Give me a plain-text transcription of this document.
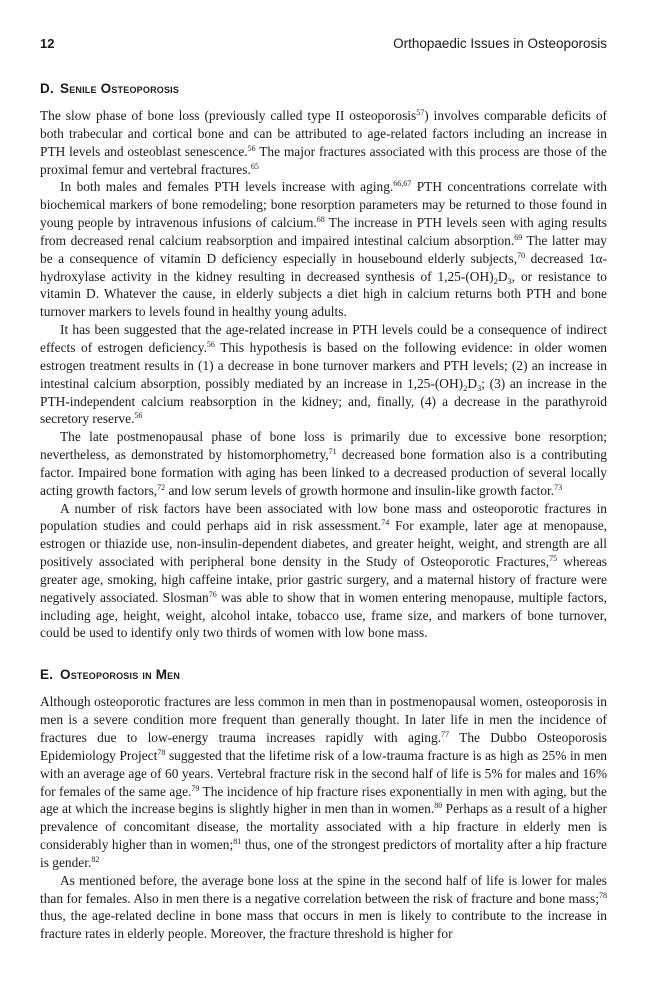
12	Orthopaedic Issues in Osteoporosis
D. Senile Osteoporosis

The slow phase of bone loss (previously called type II osteoporosis$^{57}$) involves comparable deficits of both trabecular and cortical bone and can be attributed to age-related factors including an increase in PTH levels and osteoblast senescence.$^{56}$ The major fractures associated with this process are those of the proximal femur and vertebral fractures.$^{65}$

In both males and females PTH levels increase with aging.$^{66,67}$ PTH concentrations correlate with biochemical markers of bone remodeling; bone resorption parameters may be returned to those found in young people by intravenous infusions of calcium.$^{68}$ The increase in PTH levels seen with aging results from decreased renal calcium reabsorption and impaired intestinal calcium absorption.$^{69}$ The latter may be a consequence of vitamin D deficiency especially in housebound elderly subjects,$^{70}$ decreased 1α-hydroxylase activity in the kidney resulting in decreased synthesis of $1,25-(OH)_2D_3$, or resistance to vitamin D. Whatever the cause, in elderly subjects a diet high in calcium returns both PTH and bone turnover markers to levels found in healthy young adults.

It has been suggested that the age-related increase in PTH levels could be a consequence of indirect effects of estrogen deficiency.$^{56}$ This hypothesis is based on the following evidence: in older women estrogen treatment results in (1) a decrease in bone turnover markers and PTH levels; (2) an increase in intestinal calcium absorption, possibly mediated by an increase in $1,25-(OH)_2D_3$; (3) an increase in the PTH-independent calcium reabsorption in the kidney; and, finally, (4) a decrease in the parathyroid secretory reserve.$^{56}$

The late postmenopausal phase of bone loss is primarily due to excessive bone resorption; nevertheless, as demonstrated by histomorphometry,$^{71}$ decreased bone formation also is a contributing factor. Impaired bone formation with aging has been linked to a decreased production of several locally acting growth factors,$^{72}$ and low serum levels of growth hormone and insulin-like growth factor.$^{73}$

A number of risk factors have been associated with low bone mass and osteoporotic fractures in population studies and could perhaps aid in risk assessment.$^{74}$ For example, later age at menopause, estrogen or thiazide use, non-insulin-dependent diabetes, and greater height, weight, and strength are all positively associated with peripheral bone density in the Study of Osteoporotic Fractures,$^{75}$ whereas greater age, smoking, high caffeine intake, prior gastric surgery, and a maternal history of fracture were negatively associated. Slosman$^{76}$ was able to show that in women entering menopause, multiple factors, including age, height, weight, alcohol intake, tobacco use, frame size, and markers of bone turnover, could be used to identify only two thirds of women with low bone mass.

E. Osteoporosis in Men

Although osteoporotic fractures are less common in men than in postmenopausal women, osteoporosis in men is a severe condition more frequent than generally thought. In later life in men the incidence of fractures due to low-energy trauma increases rapidly with aging.$^{77}$ The Dubbo Osteoporosis Epidemiology Project$^{78}$ suggested that the lifetime risk of a low-trauma fracture is as high as 25% in men with an average age of 60 years. Vertebral fracture risk in the second half of life is 5% for males and 16% for females of the same age.$^{79}$ The incidence of hip fracture rises exponentially in men with aging, but the age at which the increase begins is slightly higher in men than in women.$^{80}$ Perhaps as a result of a higher prevalence of concomitant disease, the mortality associated with a hip fracture in elderly men is considerably higher than in women;$^{81}$ thus, one of the strongest predictors of mortality after a hip fracture is gender.$^{82}$

As mentioned before, the average bone loss at the spine in the second half of life is lower for males than for females. Also in men there is a negative correlation between the risk of fracture and bone mass;$^{78}$ thus, the age-related decline in bone mass that occurs in men is likely to contribute to the increase in fracture rates in elderly people. Moreover, the fracture threshold is higher for
